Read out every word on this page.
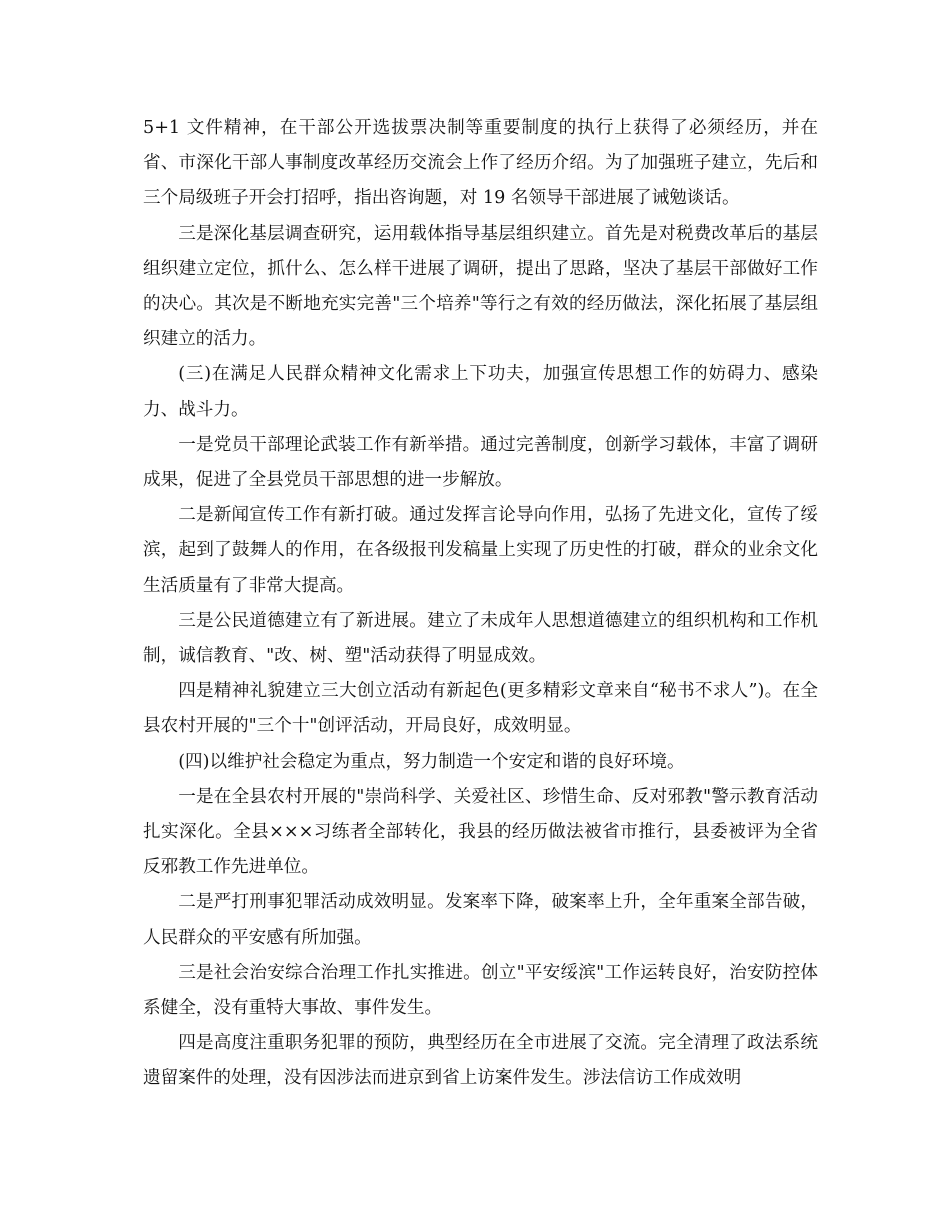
5+1 文件精神，在干部公开选拔票决制等重要制度的执行上获得了必须经历，并在省、市深化干部人事制度改革经历交流会上作了经历介绍。为了加强班子建立，先后和三个局级班子开会打招呼，指出咨询题，对 19 名领导干部进展了诫勉谈话。

三是深化基层调查研究，运用载体指导基层组织建立。首先是对税费改革后的基层组织建立定位，抓什么、怎么样干进展了调研，提出了思路，坚决了基层干部做好工作的决心。其次是不断地充实完善"三个培养"等行之有效的经历做法，深化拓展了基层组织建立的活力。

(三)在满足人民群众精神文化需求上下功夫，加强宣传思想工作的妨碍力、感染力、战斗力。

一是党员干部理论武装工作有新举措。通过完善制度，创新学习载体，丰富了调研成果，促进了全县党员干部思想的进一步解放。

二是新闻宣传工作有新打破。通过发挥言论导向作用，弘扬了先进文化，宣传了绥滨，起到了鼓舞人的作用，在各级报刊发稿量上实现了历史性的打破，群众的业余文化生活质量有了非常大提高。

三是公民道德建立有了新进展。建立了未成年人思想道德建立的组织机构和工作机制，诚信教育、"改、树、塑"活动获得了明显成效。

四是精神礼貌建立三大创立活动有新起色(更多精彩文章来自“秘书不求人”)。在全县农村开展的"三个十"创评活动，开局良好，成效明显。

(四)以维护社会稳定为重点，努力制造一个安定和谐的良好环境。

一是在全县农村开展的"崇尚科学、关爱社区、珍惜生命、反对邪教"警示教育活动扎实深化。全县×××习练者全部转化，我县的经历做法被省市推行，县委被评为全省反邪教工作先进单位。

二是严打刑事犯罪活动成效明显。发案率下降，破案率上升，全年重案全部告破，人民群众的平安感有所加强。

三是社会治安综合治理工作扎实推进。创立"平安绥滨"工作运转良好，治安防控体系健全，没有重特大事故、事件发生。

四是高度注重职务犯罪的预防，典型经历在全市进展了交流。完全清理了政法系统遗留案件的处理，没有因涉法而进京到省上访案件发生。涉法信访工作成效明
